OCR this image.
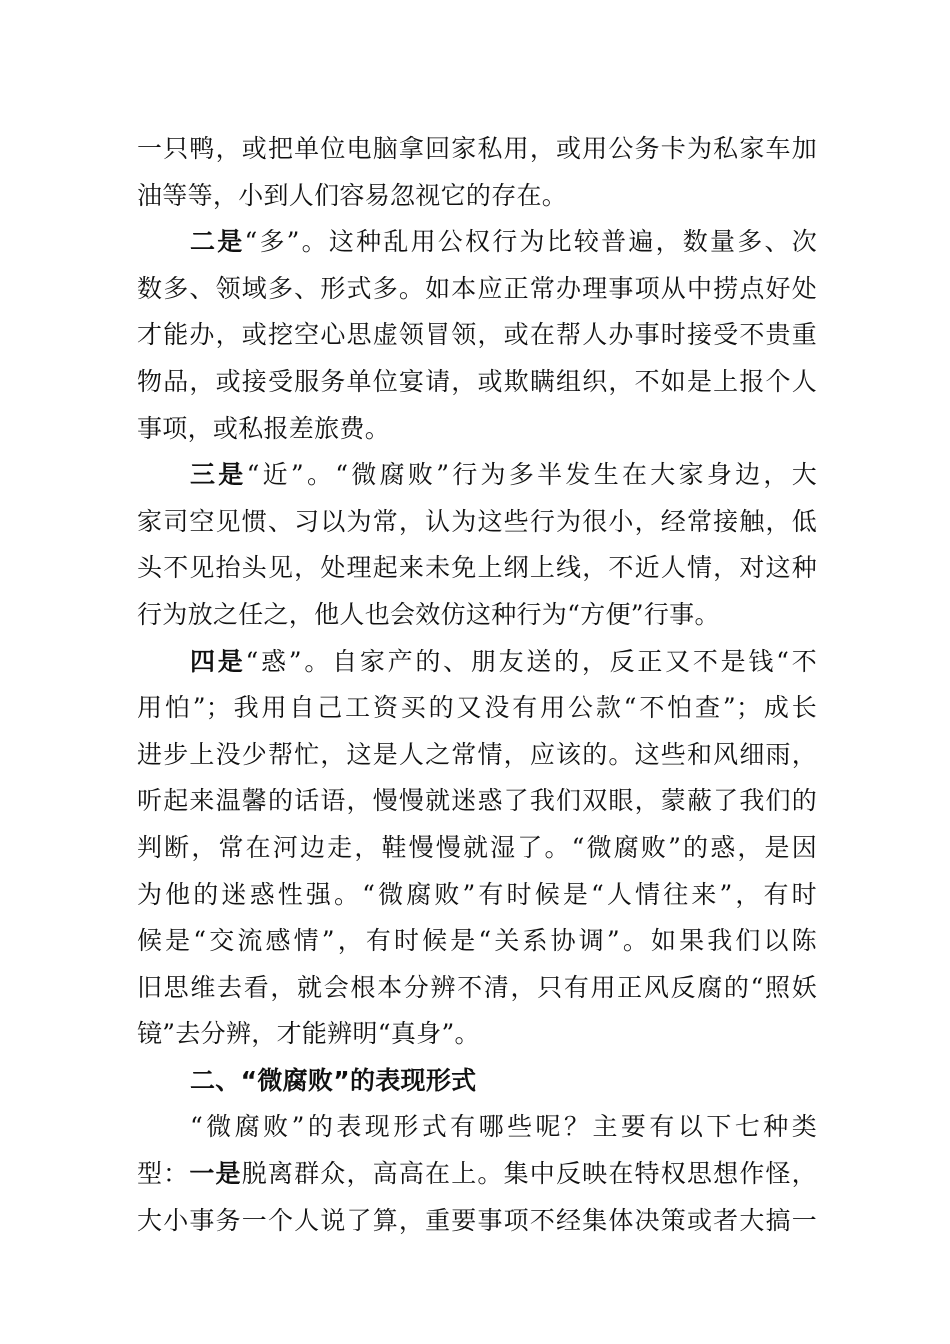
一只鸭，或把单位电脑拿回家私用，或用公务卡为私家车加
油等等，小到人们容易忽视它的存在。
二是“多”。这种乱用公权行为比较普遍，数量多、次
数多、领域多、形式多。如本应正常办理事项从中捞点好处
才能办，或挖空心思虚领冒领，或在帮人办事时接受不贵重
物品，或接受服务单位宴请，或欺瞒组织，不如是上报个人
事项，或私报差旅费。
三是“近”。“微腐败”行为多半发生在大家身边，大
家司空见惯、习以为常，认为这些行为很小，经常接触，低
头不见抬头见，处理起来未免上纲上线，不近人情，对这种
行为放之任之，他人也会效仿这种行为“方便”行事。
四是“惑”。自家产的、朋友送的，反正又不是钱“不
用怕”；我用自己工资买的又没有用公款“不怕查”；成长
进步上没少帮忙，这是人之常情，应该的。这些和风细雨，
听起来温馨的话语，慢慢就迷惑了我们双眼，蒙蔽了我们的
判断，常在河边走，鞋慢慢就湿了。“微腐败”的惑，是因
为他的迷惑性强。“微腐败”有时候是“人情往来”，有时
候是“交流感情”，有时候是“关系协调”。如果我们以陈
旧思维去看，就会根本分辨不清，只有用正风反腐的“照妖
镜”去分辨，才能辨明“真身”。
二、“微腐败”的表现形式
“微腐败”的表现形式有哪些呢？主要有以下七种类
型：一是脱离群众，高高在上。集中反映在特权思想作怪，
大小事务一个人说了算，重要事项不经集体决策或者大搞一
